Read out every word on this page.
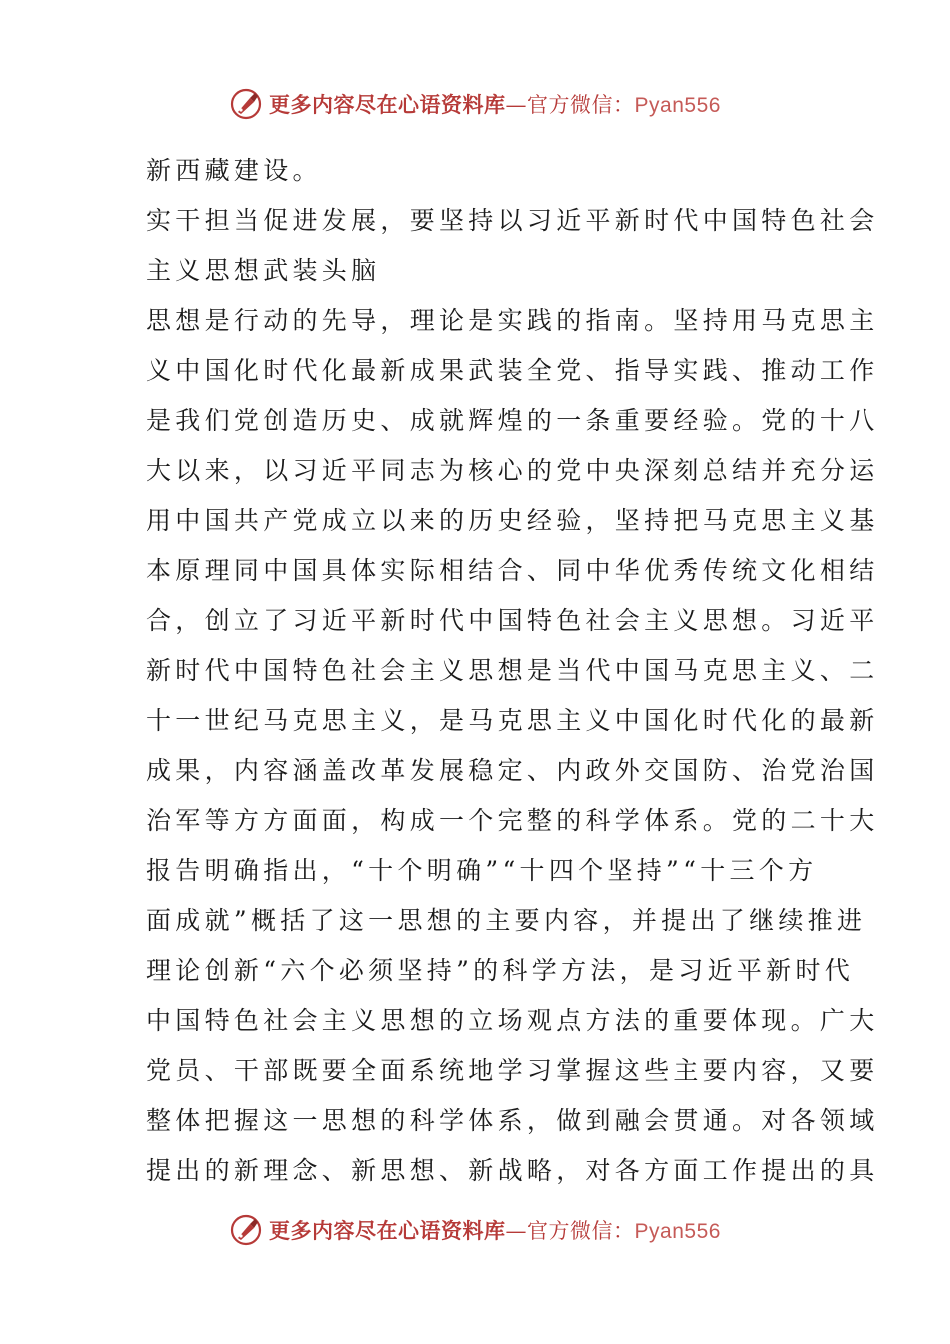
更多内容尽在心语资料库—官方微信：Pyan556
新西藏建设。
实干担当促进发展，要坚持以习近平新时代中国特色社会
主义思想武装头脑
思想是行动的先导，理论是实践的指南。坚持用马克思主
义中国化时代化最新成果武装全党、指导实践、推动工作
是我们党创造历史、成就辉煌的一条重要经验。党的十八
大以来，以习近平同志为核心的党中央深刻总结并充分运
用中国共产党成立以来的历史经验，坚持把马克思主义基
本原理同中国具体实际相结合、同中华优秀传统文化相结
合，创立了习近平新时代中国特色社会主义思想。习近平
新时代中国特色社会主义思想是当代中国马克思主义、二
十一世纪马克思主义，是马克思主义中国化时代化的最新
成果，内容涵盖改革发展稳定、内政外交国防、治党治国
治军等方方面面，构成一个完整的科学体系。党的二十大
报告明确指出，“十个明确”“十四个坚持”“十三个方
面成就”概括了这一思想的主要内容，并提出了继续推进
理论创新“六个必须坚持”的科学方法，是习近平新时代
中国特色社会主义思想的立场观点方法的重要体现。广大
党员、干部既要全面系统地学习掌握这些主要内容，又要
整体把握这一思想的科学体系，做到融会贯通。对各领域
提出的新理念、新思想、新战略，对各方面工作提出的具
更多内容尽在心语资料库—官方微信：Pyan556
